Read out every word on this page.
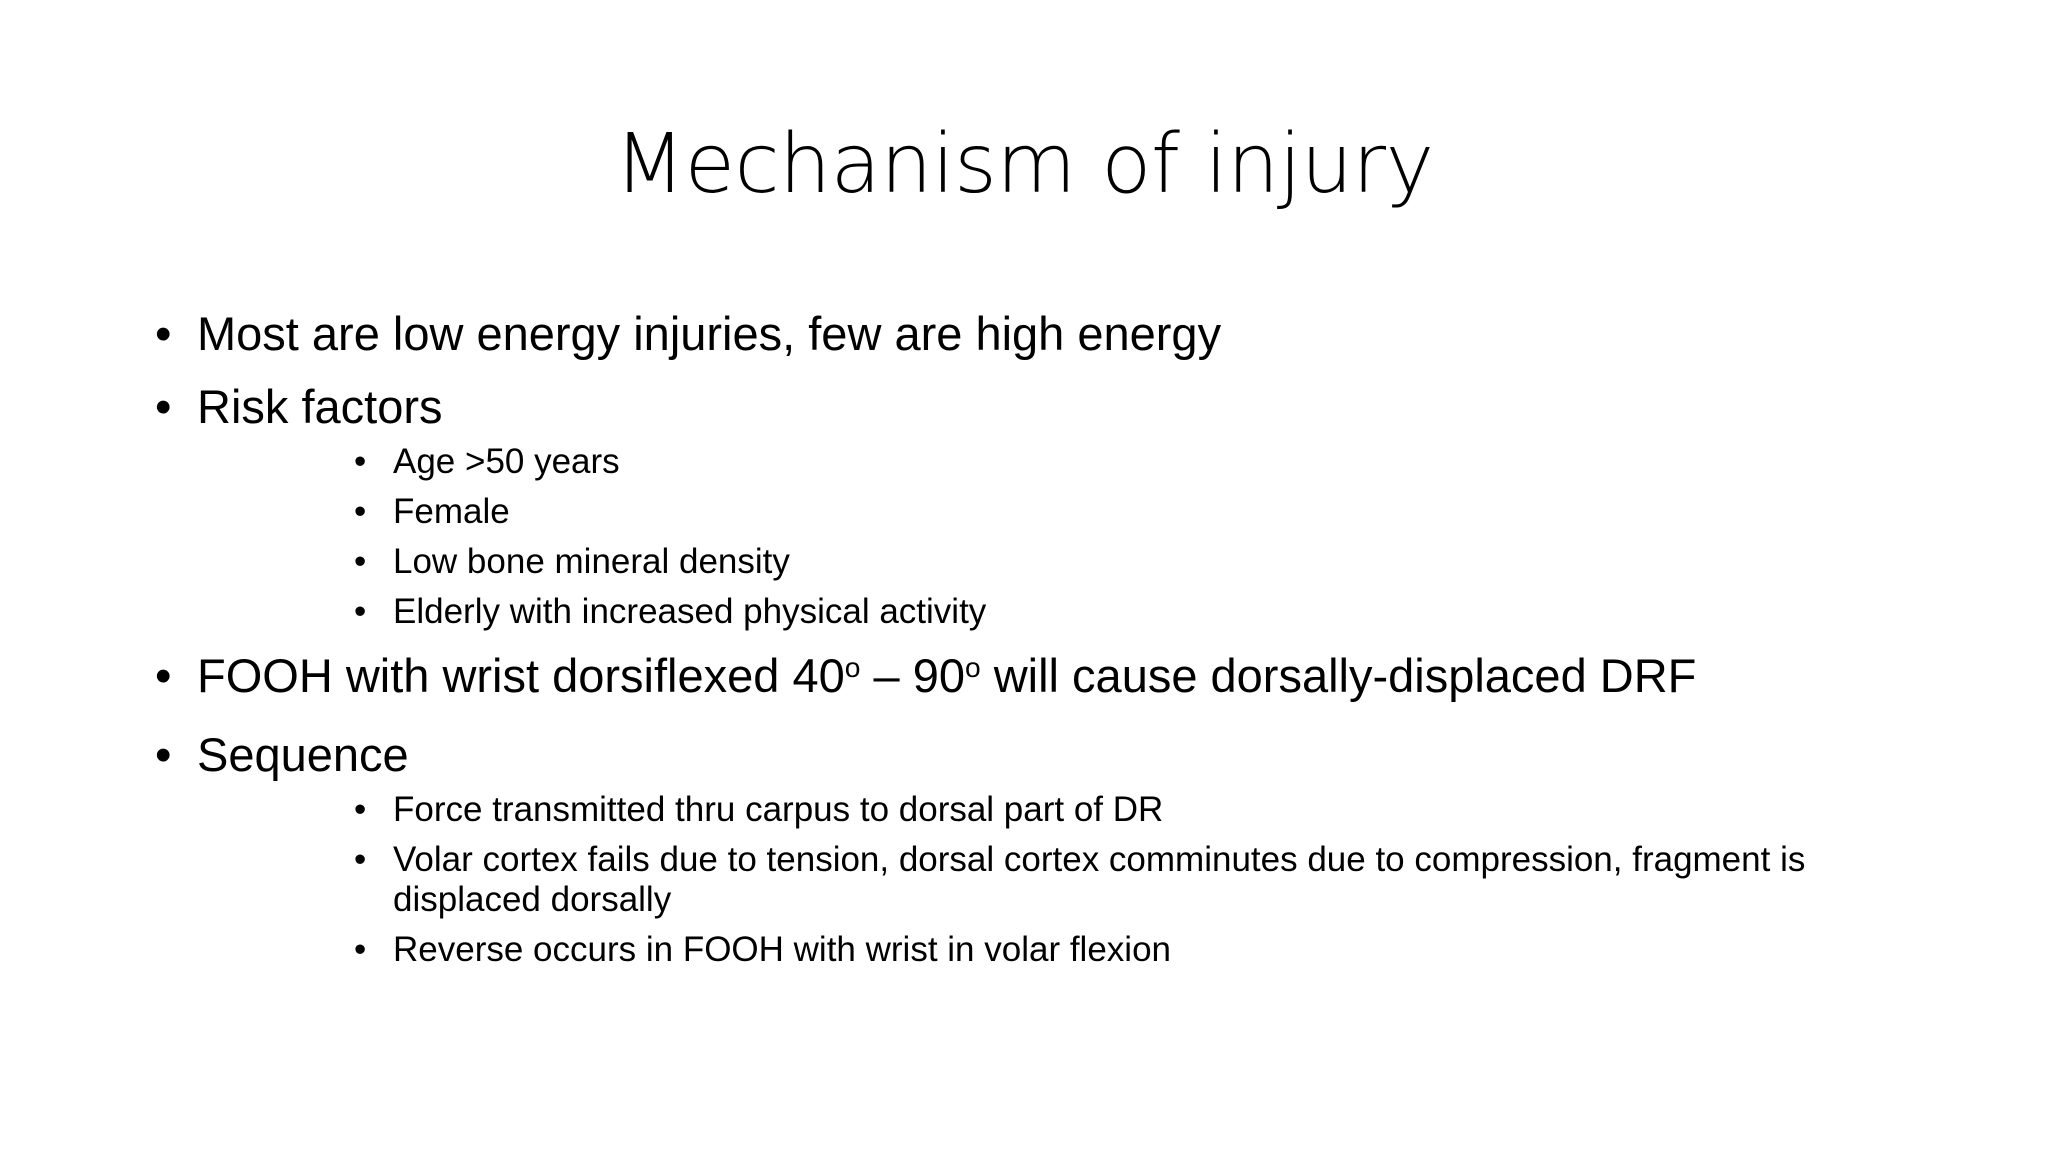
Mechanism of injury
• Most are low energy injuries, few are high energy
• Risk factors
• Age >50 years
• Female
• Low bone mineral density
• Elderly with increased physical activity
• FOOH with wrist dorsiflexed 40$^o$ – 90$^o$ will cause dorsally-displaced DRF
• Sequence
• Force transmitted thru carpus to dorsal part of DR
• Volar cortex fails due to tension, dorsal cortex comminutes due to compression, fragment is displaced dorsally
• Reverse occurs in FOOH with wrist in volar flexion
